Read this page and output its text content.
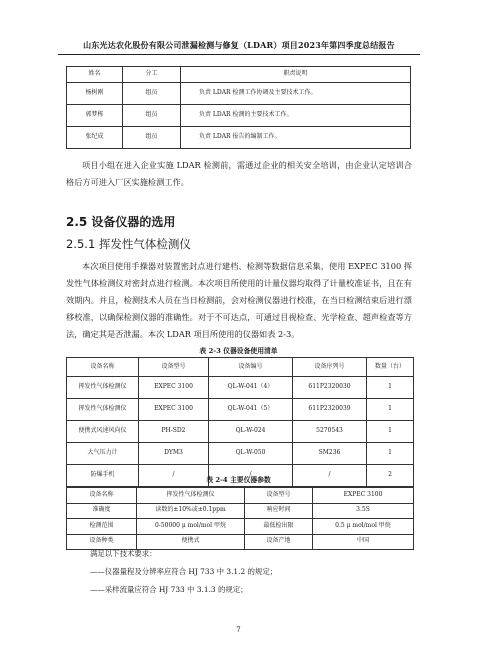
山东光达农化股份有限公司泄漏检测与修复（LDAR）项目2023年第四季度总结报告
姓名	分工	职责说明
杨树刚	组员	负责 LDAR 检测工作协调及主要技术工作。
郭梦栋	组员	负责 LDAR 检测的主要技术工作。
张纪成	组员	负责 LDAR 报告的编制工作。

项目小组在进入企业实施 LDAR 检测前，需通过企业的相关安全培训，由企业认定培训合格后方可进入厂区实施检测工作。

2.5 设备仪器的选用
2.5.1 挥发性气体检测仪

本次项目使用手操器对装置密封点进行建档、检测等数据信息采集，使用 EXPEC 3100 挥发性气体检测仪对密封点进行检测。本次项目所使用的计量仪器均取得了计量校准证书，且在有效期内。并且，检测技术人员在当日检测前，会对检测仪器进行校准，在当日检测结束后进行漂移校准，以确保检测仪器的准确性。对于不可达点，可通过目视检查、光学检查、超声检查等方法，确定其是否泄漏。本次 LDAR 项目所使用的仪器如表 2-3。

表 2-3 仪器设备使用清单
设备名称	设备型号	设备编号	设备序列号	数量（台）
挥发性气体检测仪	EXPEC 3100	QL-W-041（4）	611P2320030	1
挥发性气体检测仪	EXPEC 3100	QL-W-041（5）	611P2320039	1
便携式风速风向仪	PH-SD2	QL-W-024	5270543	1
大气压力计	DYM3	QL-W-050	SM236	1
防爆手机	/	/	/	2
表 2-4 主要仪器参数
设备名称	挥发性气体检测仪	设备型号	EXPEC 3100
准确度	读数的±10%或±0.1ppm	响应时间	3.5S
检测范围	0-50000 μ mol/mol 甲烷	最低检出限	0.5 μ mol/mol 甲烷
设备种类	便携式	设备产地	中国
满足以下技术要求：
——仪器量程及分辨率应符合 HJ 733 中 3.1.2 的规定；
——采样流量应符合 HJ 733 中 3.1.3 的规定；
7
